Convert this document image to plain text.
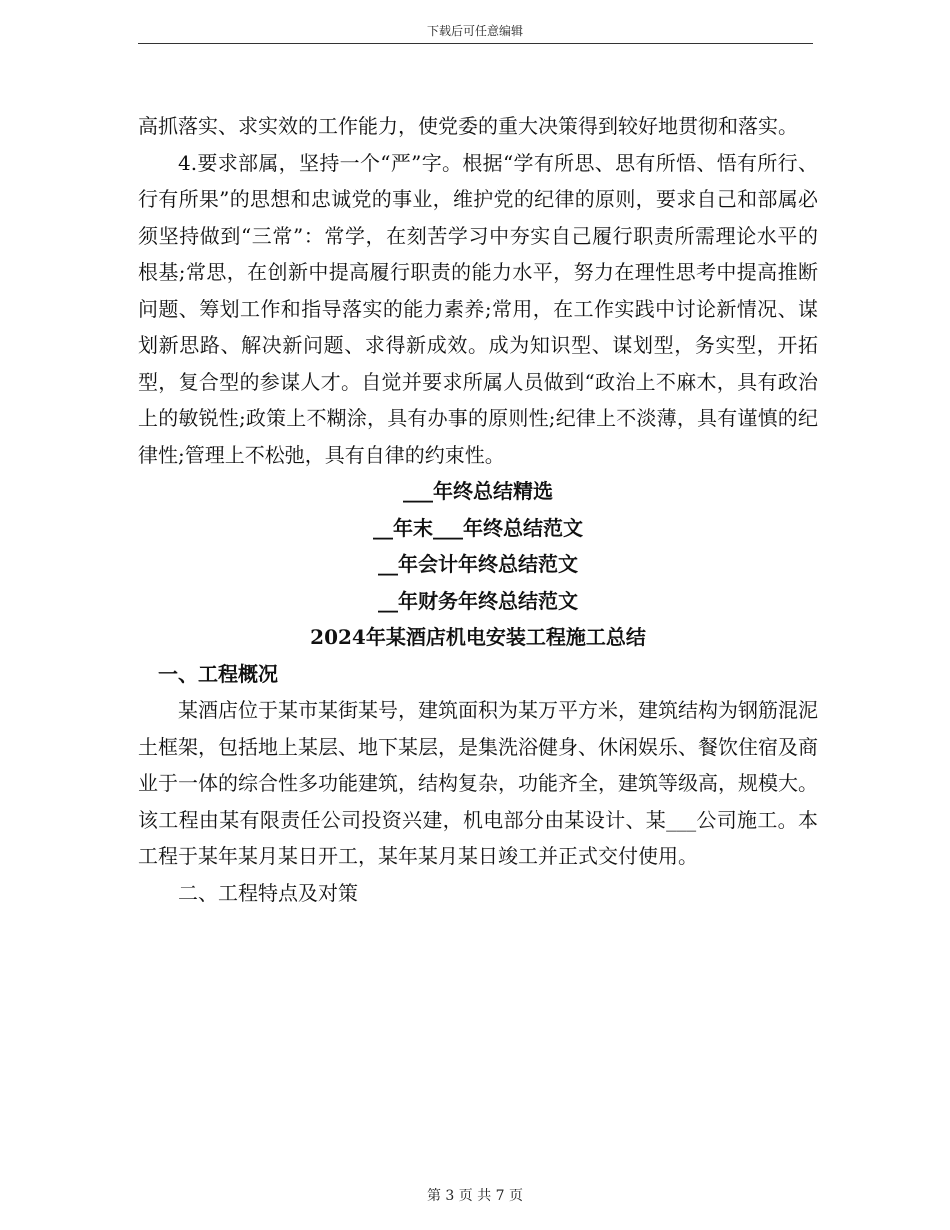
下载后可任意编辑

高抓落实、求实效的工作能力，使党委的重大决策得到较好地贯彻和落实。

4.要求部属，坚持一个“严”字。根据“学有所思、思有所悟、悟有所行、行有所果”的思想和忠诚党的事业，维护党的纪律的原则，要求自己和部属必须坚持做到“三常”：常学，在刻苦学习中夯实自己履行职责所需理论水平的根基;常思，在创新中提高履行职责的能力水平，努力在理性思考中提高推断问题、筹划工作和指导落实的能力素养;常用，在工作实践中讨论新情况、谋划新思路、解决新问题、求得新成效。成为知识型、谋划型，务实型，开拓型，复合型的参谋人才。自觉并要求所属人员做到“政治上不麻木，具有政治上的敏锐性;政策上不糊涂，具有办事的原则性;纪律上不淡薄，具有谨慎的纪律性;管理上不松弛，具有自律的约束性。

___年终总结精选

__年末___年终总结范文

__年会计年终总结范文

__年财务年终总结范文

2024年某酒店机电安装工程施工总结

一、工程概况

某酒店位于某市某街某号，建筑面积为某万平方米，建筑结构为钢筋混泥土框架，包括地上某层、地下某层，是集洗浴健身、休闲娱乐、餐饮住宿及商业于一体的综合性多功能建筑，结构复杂，功能齐全，建筑等级高，规模大。该工程由某有限责任公司投资兴建，机电部分由某设计、某___公司施工。本工程于某年某月某日开工，某年某月某日竣工并正式交付使用。

二、工程特点及对策

第 3 页 共 7 页
